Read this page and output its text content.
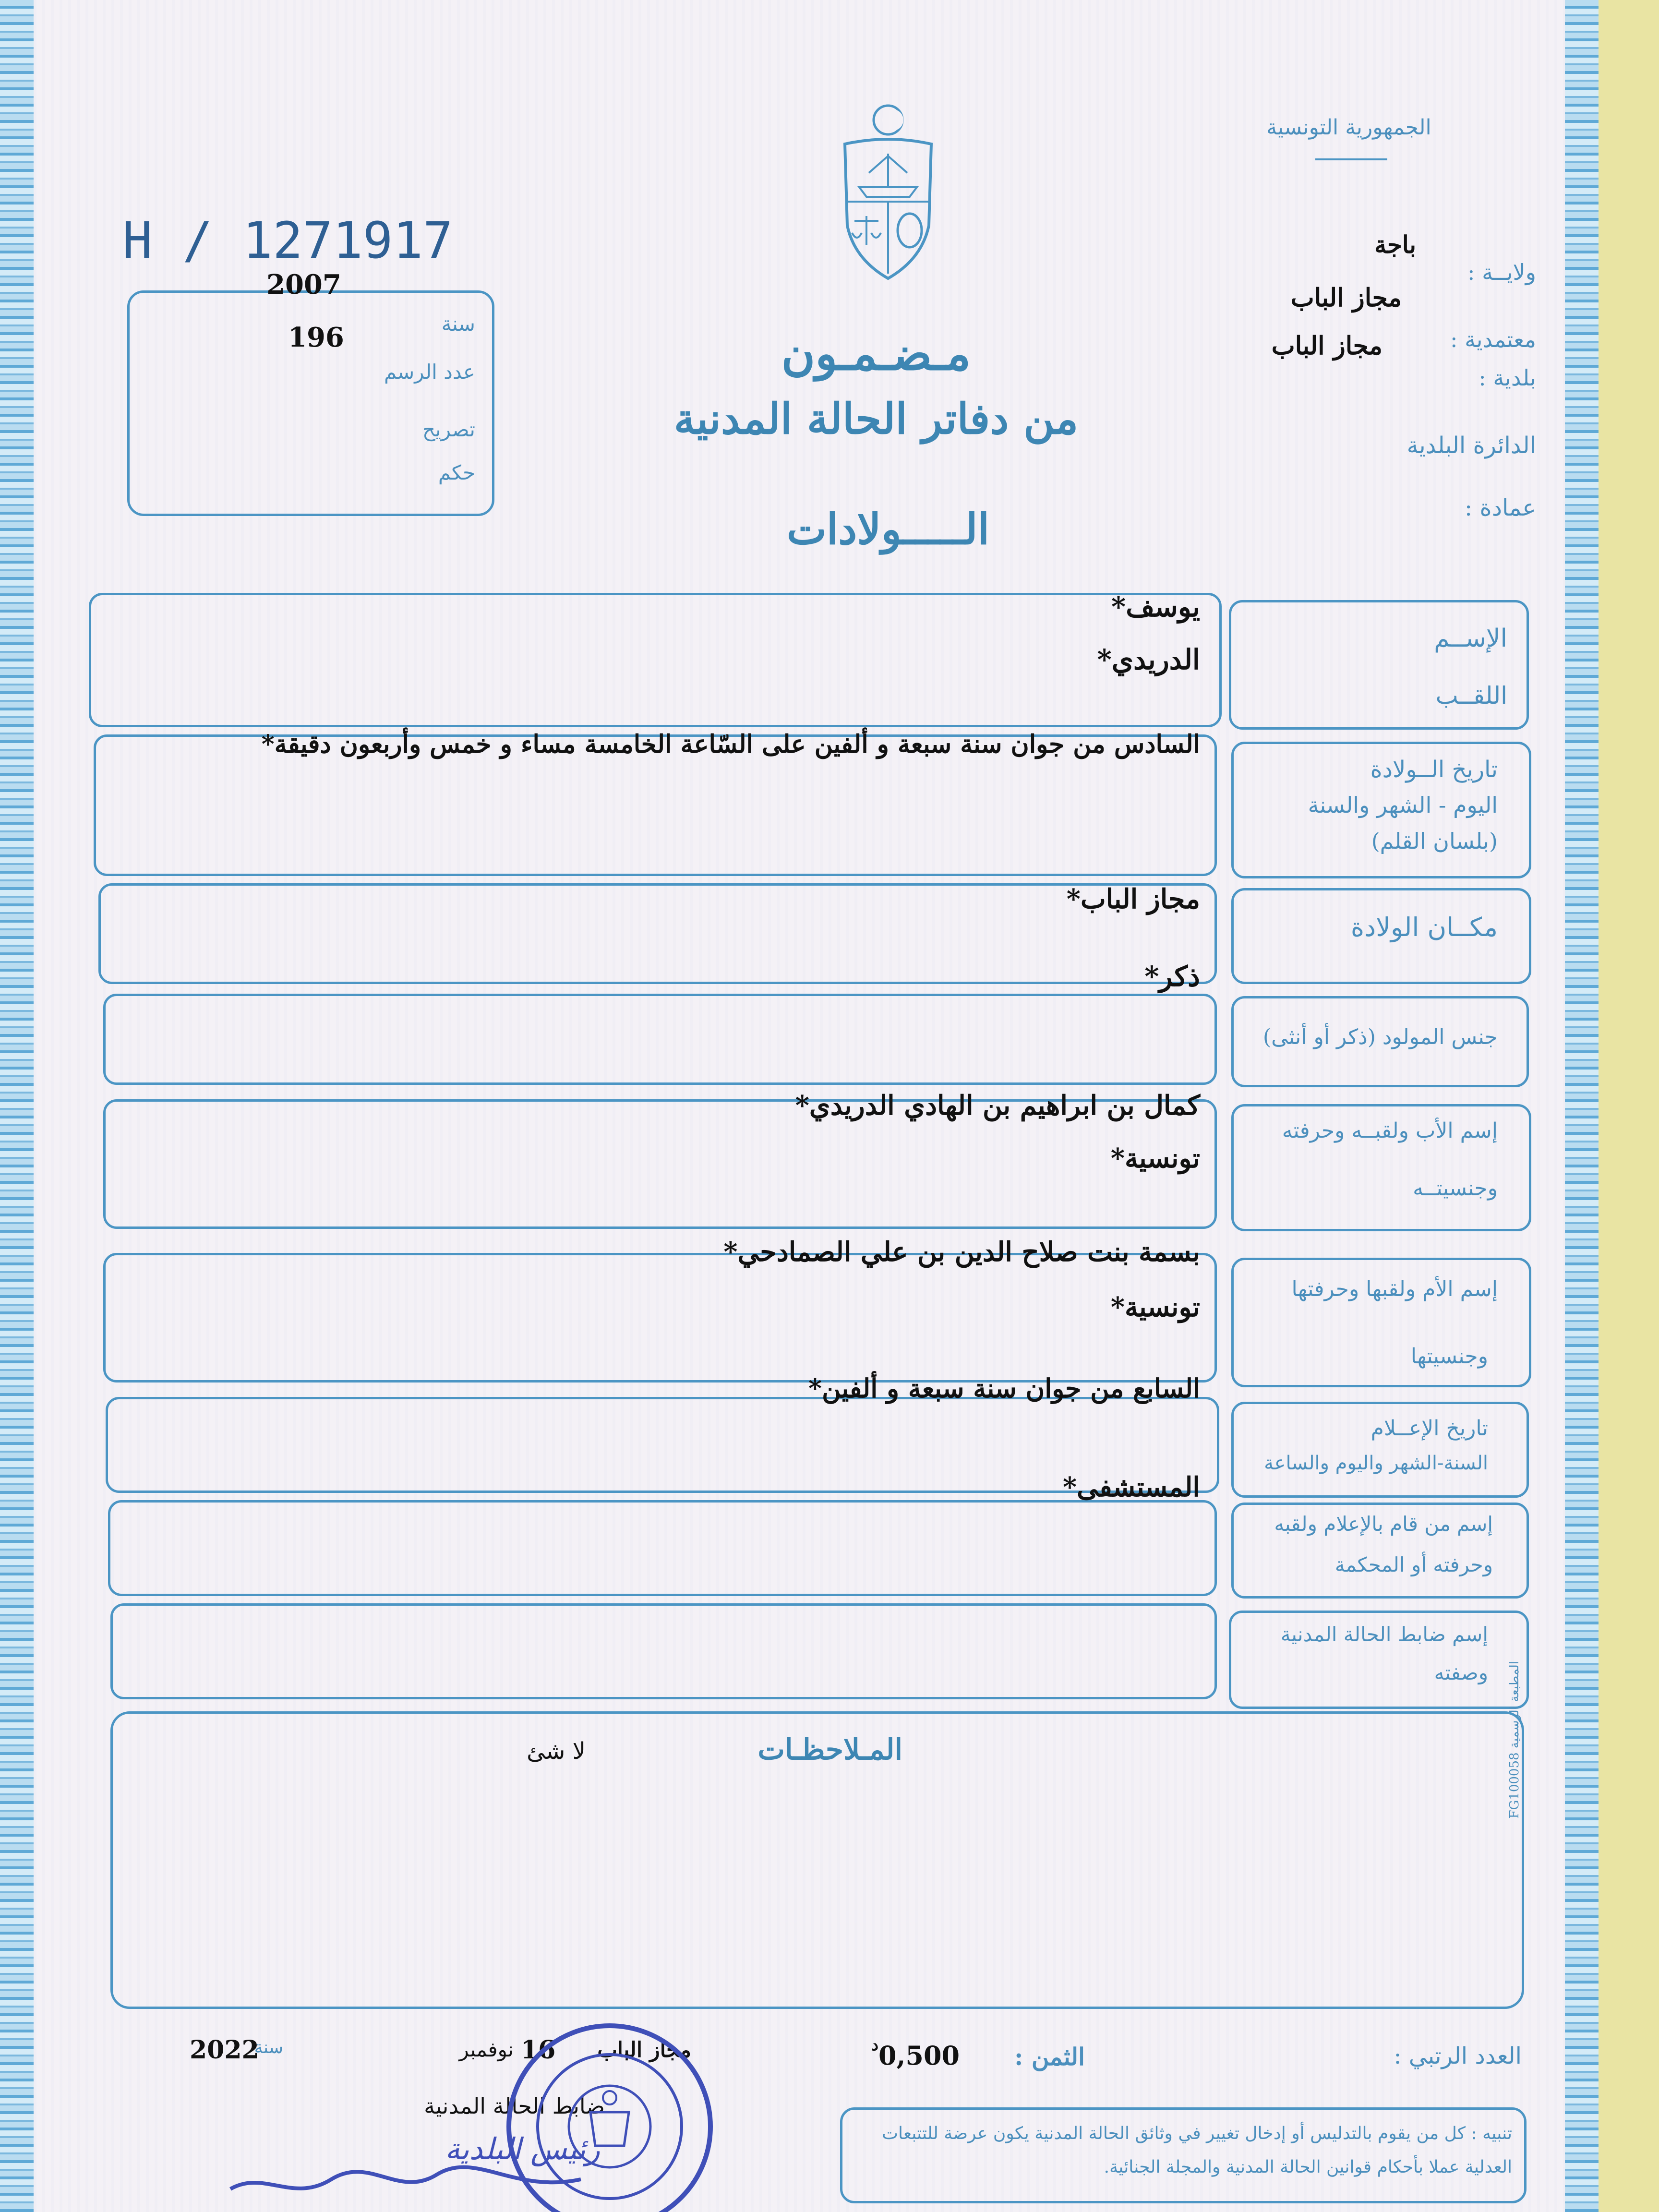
الجمهورية التونسية
ولايــة :
باجة
مجاز الباب
معتمدية :
مجاز الباب
بلدية :
الدائرة البلدية
عمادة :
H / 1271917
2007
سنة
196
عدد الرسم
تصريح
حكم
مـضـمـون
من دفاتر الحالة المدنية
الـــــولادات
الإســم
اللقــب
يوسف*
الدريدي*
تاريخ الــولادة
اليوم - الشهر والسنة
(بلسان القلم)
السادس من جوان سنة سبعة و ألفين على السّاعة الخامسة مساء و خمس وأربعون دقيقة*
مكــان الولادة
مجاز الباب*
جنس المولود (ذكر أو أنثى)
ذكر*
إسم الأب ولقبــه وحرفته
وجنسيتــه
كمال بن ابراهيم بن الهادي الدريدي*
تونسية*
إسم الأم ولقبها وحرفتها
وجنسيتها
بسمة بنت صلاح الدين بن علي الصمادحي*
تونسية*
تاريخ الإعــلام
السنة-الشهر واليوم والساعة
السابع من جوان سنة سبعة و ألفين*
إسم من قام بالإعلام ولقبه
وحرفته أو المحكمة
المستشفى*
إسم ضابط الحالة المدنية
وصفته
المـلاحظـات
لا شئ
المطبعة الرسمية FG100058
العدد الرتبي :
الثمن :
0,500
د
مجاز الباب
16
نوفمبر
سنة
2022
ضابط الحالة المدنية
رئيس البلدية	تنبيه : كل من يقوم بالتدليس أو إدخال تغيير في وثائق الحالة المدنية يكون عرضة للتتبعات العدلية عملا بأحكام قوانين الحالة المدنية والمجلة الجنائية.
